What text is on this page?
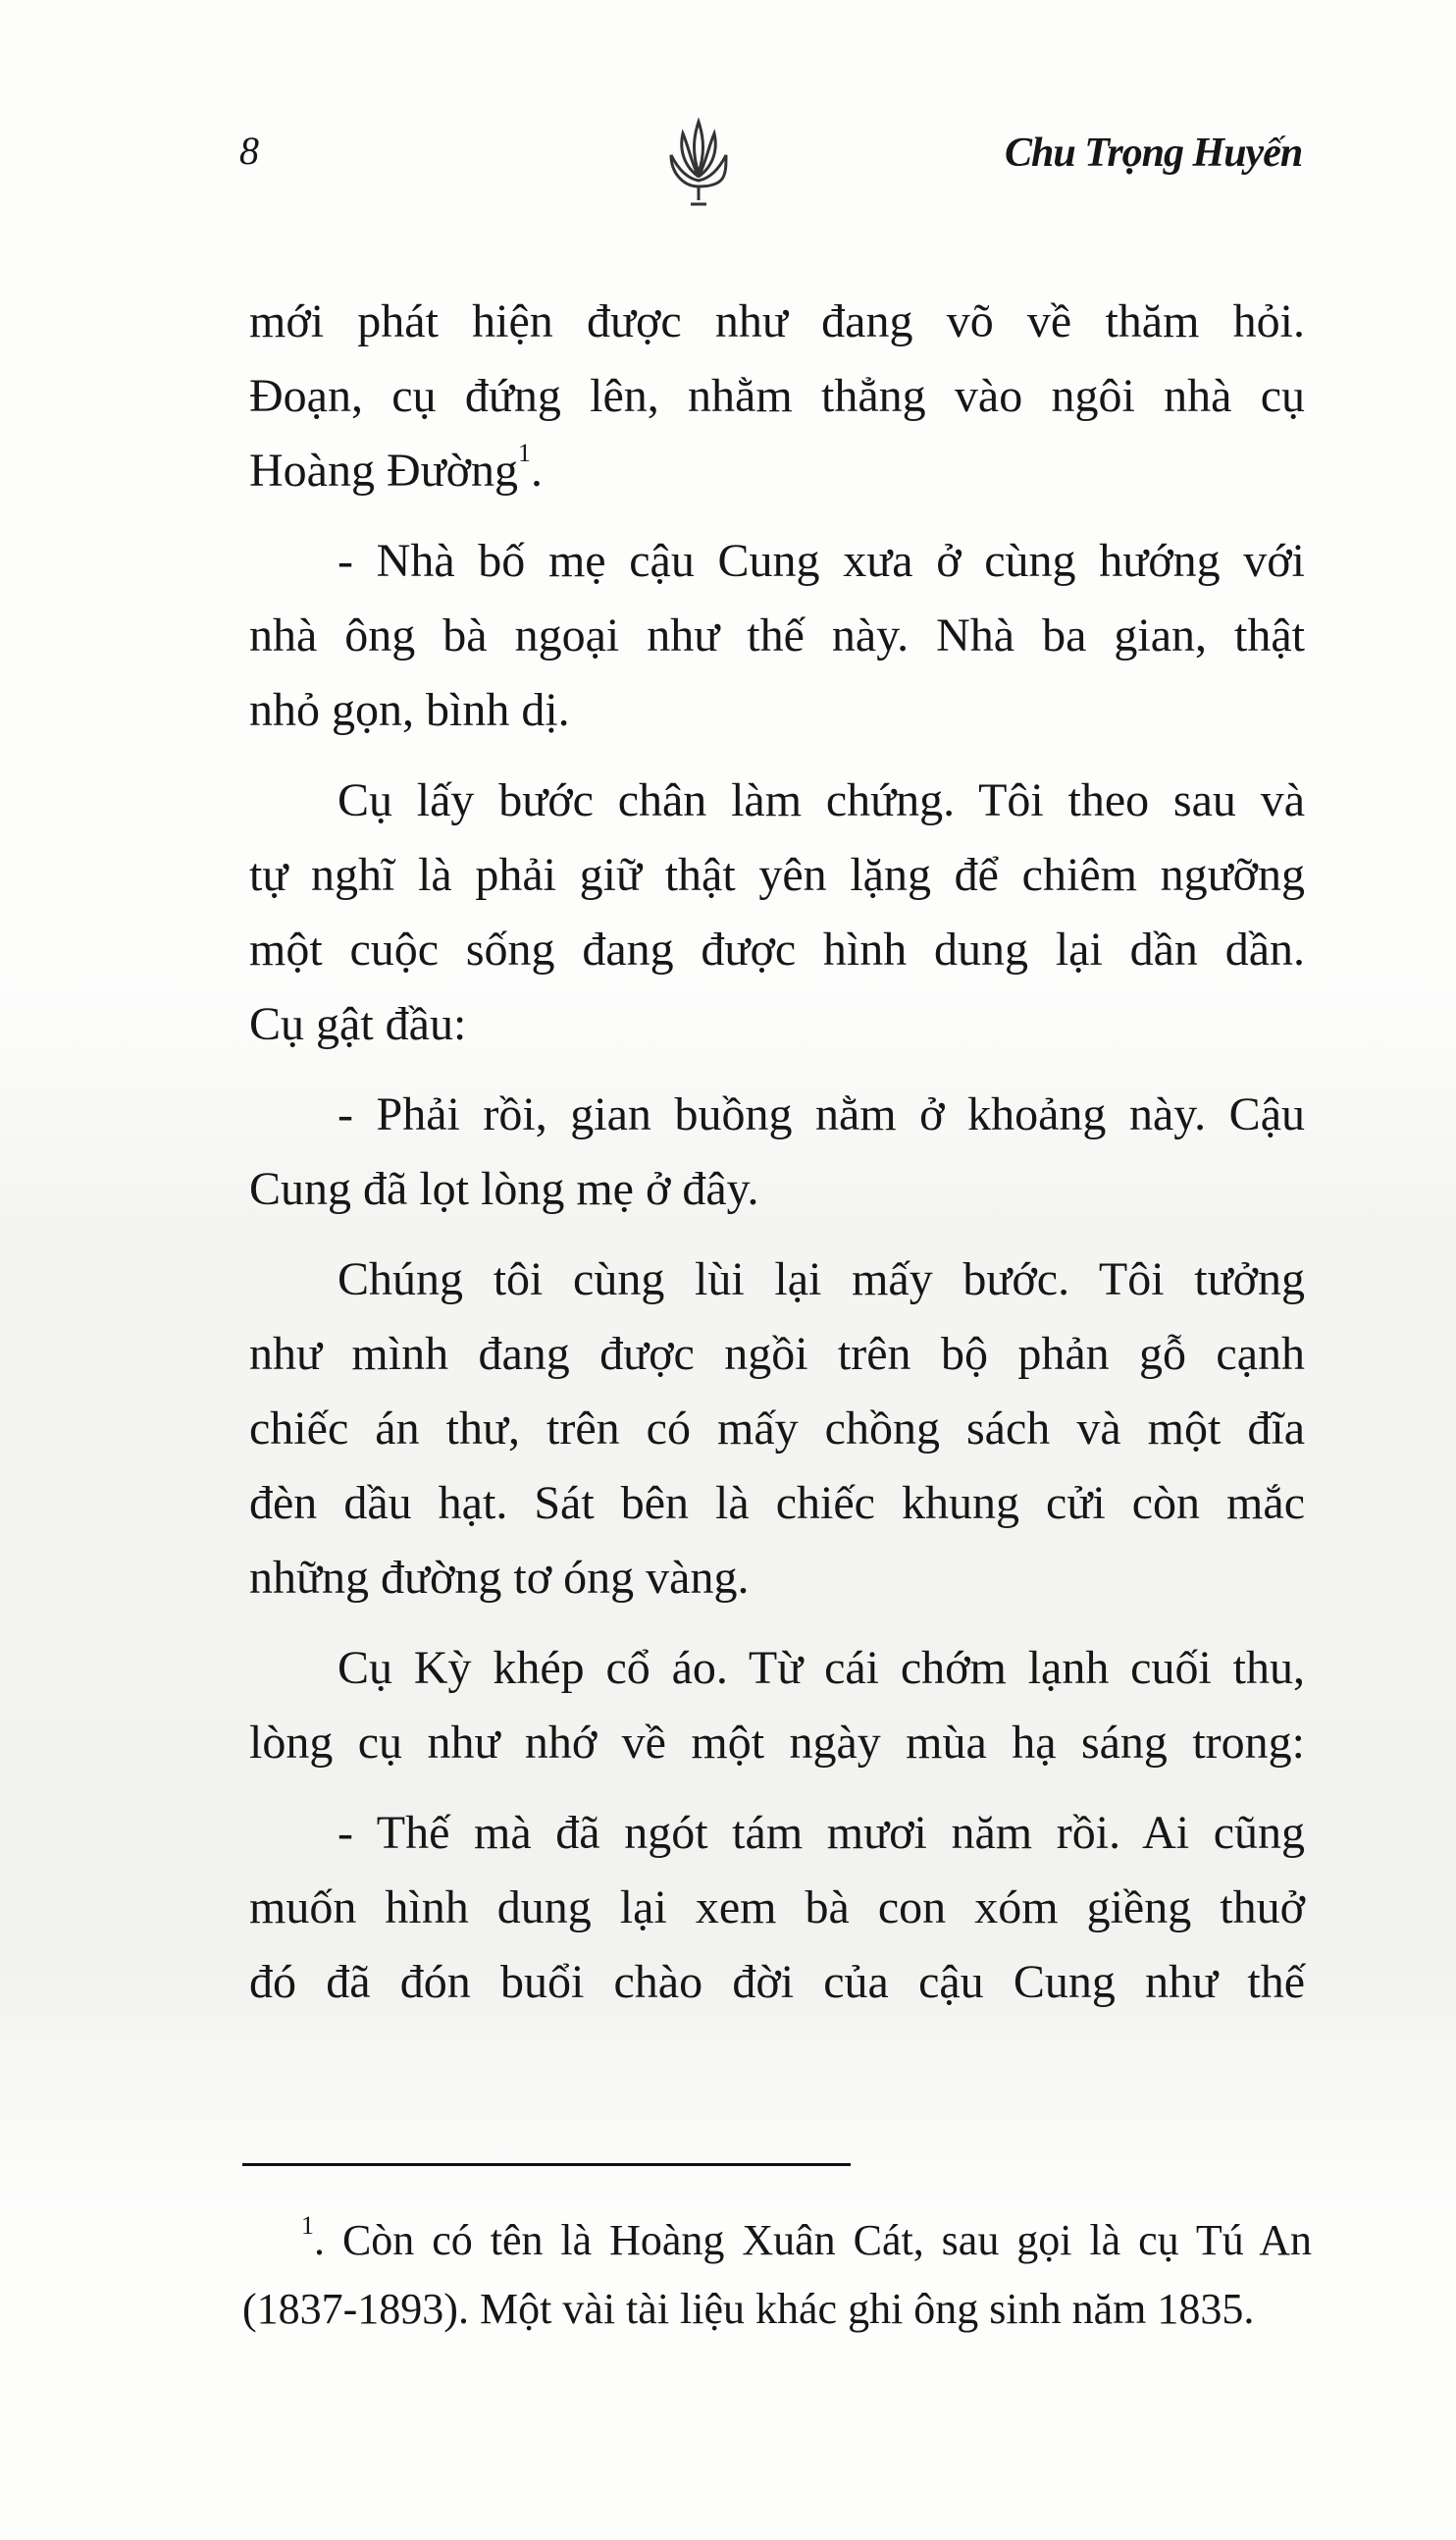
8	Chu Trọng Huyến
mới phát hiện được như đang võ về thăm hỏi.
Đoạn, cụ đứng lên, nhằm thẳng vào ngôi nhà cụ
Hoàng Đường$^1$.
- Nhà bố mẹ cậu Cung xưa ở cùng hướng với
nhà ông bà ngoại như thế này. Nhà ba gian, thật
nhỏ gọn, bình dị.
Cụ lấy bước chân làm chứng. Tôi theo sau và
tự nghĩ là phải giữ thật yên lặng để chiêm ngưỡng
một cuộc sống đang được hình dung lại dần dần.
Cụ gật đầu:
- Phải rồi, gian buồng nằm ở khoảng này. Cậu
Cung đã lọt lòng mẹ ở đây.
Chúng tôi cùng lùi lại mấy bước. Tôi tưởng
như mình đang được ngồi trên bộ phản gỗ cạnh
chiếc án thư, trên có mấy chồng sách và một đĩa
đèn dầu hạt. Sát bên là chiếc khung cửi còn mắc
những đường tơ óng vàng.
Cụ Kỳ khép cổ áo. Từ cái chớm lạnh cuối thu,
lòng cụ như nhớ về một ngày mùa hạ sáng trong:
- Thế mà đã ngót tám mươi năm rồi. Ai cũng
muốn hình dung lại xem bà con xóm giềng thuở
đó đã đón buổi chào đời của cậu Cung như thế
$^1$. Còn có tên là Hoàng Xuân Cát, sau gọi là cụ Tú An
(1837-1893). Một vài tài liệu khác ghi ông sinh năm 1835.
